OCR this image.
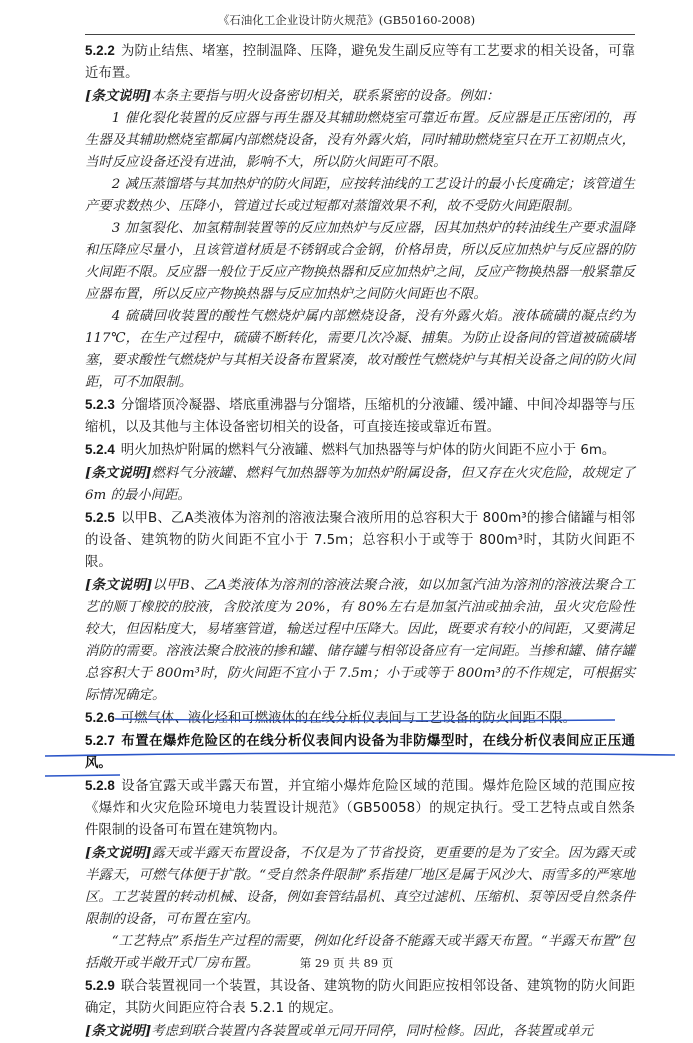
《石油化工企业设计防火规范》(GB50160-2008)

5.2.2 为防止结焦、堵塞，控制温降、压降，避免发生副反应等有工艺要求的相关设备，可靠近布置。

[条文说明]本条主要指与明火设备密切相关，联系紧密的设备。例如：

1 催化裂化装置的反应器与再生器及其辅助燃烧室可靠近布置。反应器是正压密闭的，再生器及其辅助燃烧室都属内部燃烧设备，没有外露火焰，同时辅助燃烧室只在开工初期点火，当时反应设备还没有进油，影响不大，所以防火间距可不限。

2 减压蒸馏塔与其加热炉的防火间距，应按转油线的工艺设计的最小长度确定；该管道生产要求数热少、压降小，管道过长或过短都对蒸馏效果不利，故不受防火间距限制。

3 加氢裂化、加氢精制装置等的反应加热炉与反应器，因其加热炉的转油线生产要求温降和压降应尽量小，且该管道材质是不锈钢或合金钢，价格昂贵，所以反应加热炉与反应器的防火间距不限。反应器一般位于反应产物换热器和反应加热炉之间，反应产物换热器一般紧靠反应器布置，所以反应产物换热器与反应加热炉之间防火间距也不限。

4 硫磺回收装置的酸性气燃烧炉属内部燃烧设备，没有外露火焰。液体硫磺的凝点约为 117℃，在生产过程中，硫磺不断转化，需要几次冷凝、捕集。为防止设备间的管道被硫磺堵塞，要求酸性气燃烧炉与其相关设备布置紧凑，故对酸性气燃烧炉与其相关设备之间的防火间距，可不加限制。

5.2.3 分馏塔顶冷凝器、塔底重沸器与分馏塔，压缩机的分液罐、缓冲罐、中间冷却器等与压缩机，以及其他与主体设备密切相关的设备，可直接连接或靠近布置。

5.2.4 明火加热炉附属的燃料气分液罐、燃料气加热器等与炉体的防火间距不应小于 6m。

[条文说明]燃料气分液罐、燃料气加热器等为加热炉附属设备，但又存在火灾危险，故规定了 6m 的最小间距。

5.2.5 以甲B、乙A类液体为溶剂的溶液法聚合液所用的总容积大于 800m³的掺合储罐与相邻的设备、建筑物的防火间距不宜小于 7.5m；总容积小于或等于 800m³时，其防火间距不限。

[条文说明]以甲B、乙A类液体为溶剂的溶液法聚合液，如以加氢汽油为溶剂的溶液法聚合工艺的顺丁橡胶的胶液，含胶浓度为 20%，有 80%左右是加氢汽油或抽余油，虽火灾危险性较大，但因粘度大，易堵塞管道，输送过程中压降大。因此，既要求有较小的间距，又要满足消防的需要。溶液法聚合胶液的掺和罐、储存罐与相邻设备应有一定间距。当掺和罐、储存罐总容积大于 800m³时，防火间距不宜小于 7.5m；小于或等于 800m³的不作规定，可根据实际情况确定。

5.2.6 可燃气体、液化烃和可燃液体的在线分析仪表间与工艺设备的防火间距不限。

5.2.7 布置在爆炸危险区的在线分析仪表间内设备为非防爆型时，在线分析仪表间应正压通风。

5.2.8 设备宜露天或半露天布置，并宜缩小爆炸危险区域的范围。爆炸危险区域的范围应按《爆炸和火灾危险环境电力装置设计规范》（GB50058）的规定执行。受工艺特点或自然条件限制的设备可布置在建筑物内。

[条文说明]露天或半露天布置设备，不仅是为了节省投资，更重要的是为了安全。因为露天或半露天，可燃气体便于扩散。“受自然条件限制”系指建厂地区是属于风沙大、雨雪多的严寒地区。工艺装置的转动机械、设备，例如套管结晶机、真空过滤机、压缩机、泵等因受自然条件限制的设备，可布置在室内。

“工艺特点”系指生产过程的需要，例如化纤设备不能露天或半露天布置。“半露天布置”包括敞开或半敞开式厂房布置。

5.2.9 联合装置视同一个装置，其设备、建筑物的防火间距应按相邻设备、建筑物的防火间距确定，其防火间距应符合表 5.2.1 的规定。

[条文说明]考虑到联合装置内各装置或单元同开同停，同时检修。因此，各装置或单元

第 29 页 共 89 页
